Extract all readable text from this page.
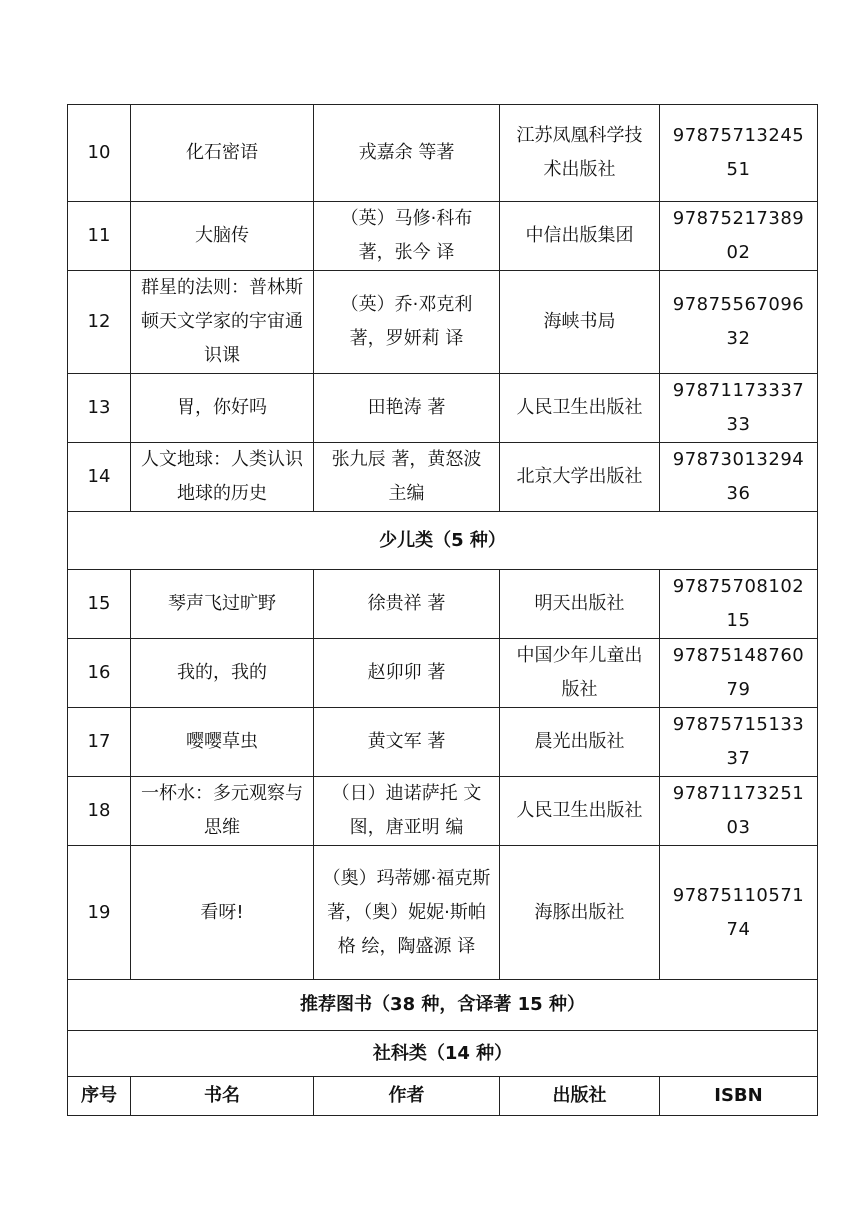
10	化石密语	戎嘉余 等著	江苏凤凰科学技术出版社	9787571324551
11	大脑传	（英）马修·科布 著，张今 译	中信出版集团	9787521738902
12	群星的法则：普林斯顿天文学家的宇宙通识课	（英）乔·邓克利 著，罗妍莉 译	海峡书局	9787556709632
13	胃，你好吗	田艳涛 著	人民卫生出版社	9787117333733
14	人文地球：人类认识地球的历史	张九辰 著，黄怒波 主编	北京大学出版社	9787301329436
少儿类（5 种）				
15	琴声飞过旷野	徐贵祥 著	明天出版社	9787570810215
16	我的，我的	赵卯卯 著	中国少年儿童出版社	9787514876079
17	嘤嘤草虫	黄文军 著	晨光出版社	9787571513337
18	一杯水：多元观察与思维	（日）迪诺萨托 文图，唐亚明 编	人民卫生出版社	9787117325103
19	看呀!	（奥）玛蒂娜·福克斯 著，（奥）妮妮·斯帕格 绘，陶盛源 译	海豚出版社	9787511057174
推荐图书（38 种，含译著 15 种）				
社科类（14 种）				
序号	书名	作者	出版社	ISBN
